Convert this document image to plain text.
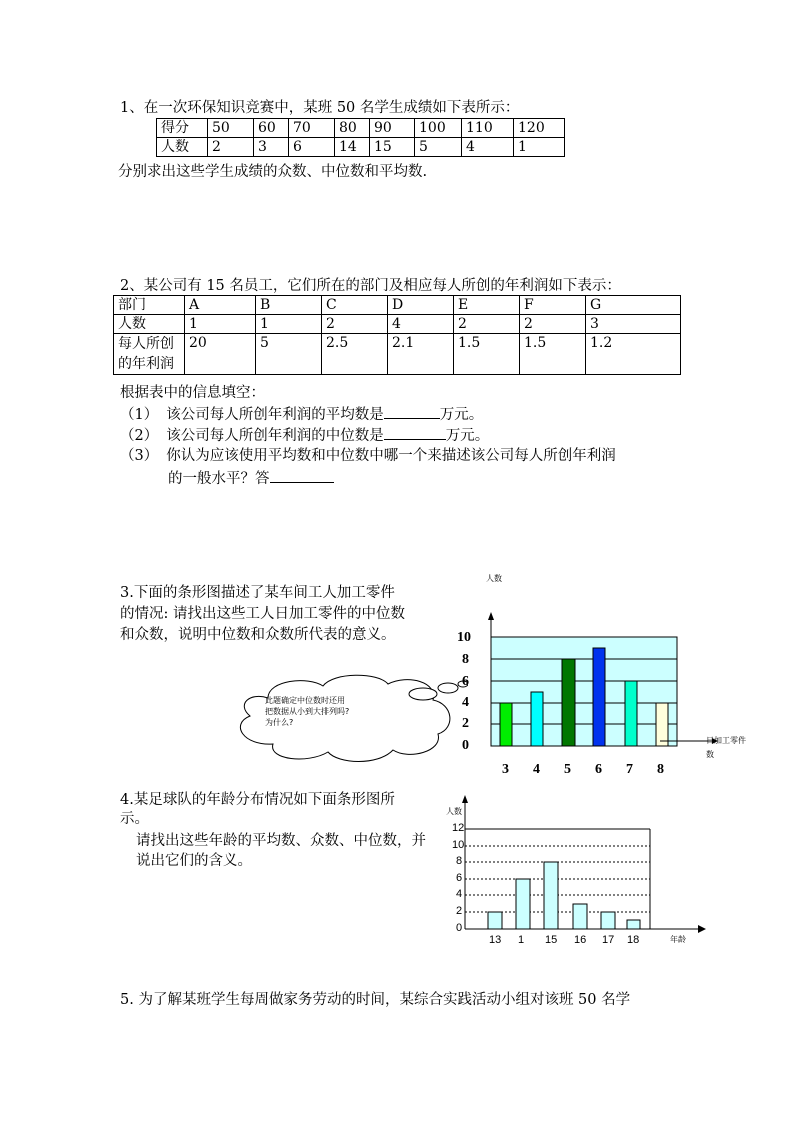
1、在一次环保知识竞赛中，某班 50 名学生成绩如下表所示：
得分	50	60	70	80	90	100	110	120
人数	2	3	6	14	15	5	4	1
分别求出这些学生成绩的众数、中位数和平均数.
2、某公司有 15 名员工，它们所在的部门及相应每人所创的年利润如下表示：
部门	A	B	C	D	E	F	G
人数	1	1	2	4	2	2	3

每人所创
的年利润	20	5	2.5	2.1	1.5	1.5	1.2
根据表中的信息填空：
（1） 该公司每人所创年利润的平均数是	万元。
（2） 该公司每人所创年利润的中位数是	万元。
（3） 你认为应该使用平均数和中位数中哪一个来描述该公司每人所创年利润
的一般水平？答
3.下面的条形图描述了某车间工人加工零件
的情况: 请找出这些工人日加工零件的中位数
和众数，说明中位数和众数所代表的意义。
此题确定中位数时还用
把数据从小到大排列吗?
为什么?
人数
10
8
6
4
2
0
3 4 5 6 7 8
日加工零件数
4.某足球队的年龄分布情况如下面条形图所
示。
请找出这些年龄的平均数、众数、中位数，并
说出它们的含义。
人数
12
10
8
6
4
2
0
13 1 15 16 17 18	年龄
5. 为了解某班学生每周做家务劳动的时间，某综合实践活动小组对该班 50 名学
